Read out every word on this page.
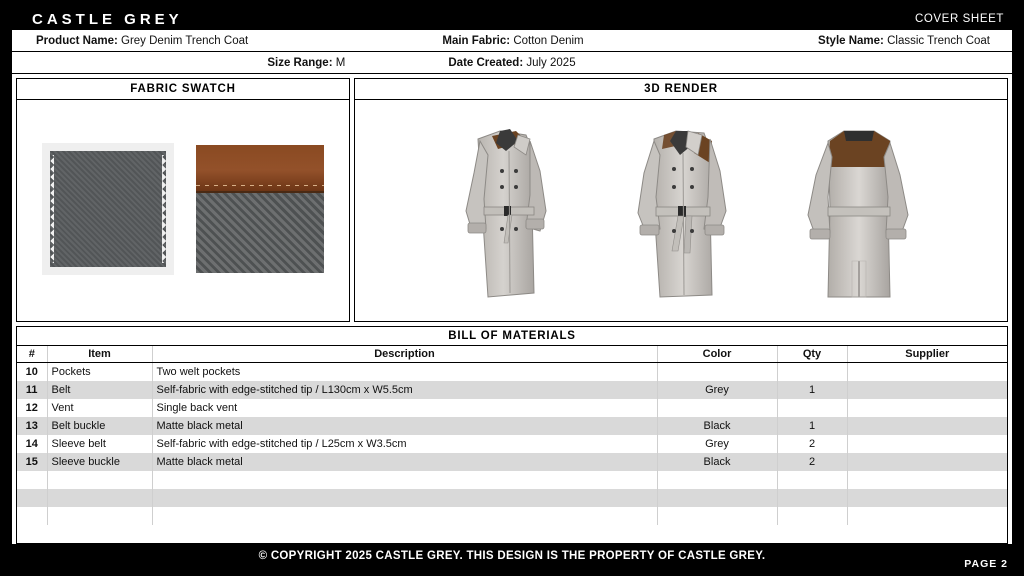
CASTLE GREY	COVER SHEET
Product Name: Grey Denim Trench Coat	Main Fabric: Cotton Denim	Style Name: Classic Trench Coat
Size Range: M	Date Created: July 2025
FABRIC SWATCH	3D RENDER
BILL OF MATERIALS
#	Item	Description	Color	Qty	Supplier
10	Pockets	Two welt pockets			
11	Belt	Self-fabric with edge-stitched tip / L130cm x W5.5cm	Grey	1	
12	Vent	Single back vent			
13	Belt buckle	Matte black metal	Black	1	
14	Sleeve belt	Self-fabric with edge-stitched tip / L25cm x W3.5cm	Grey	2	
15	Sleeve buckle	Matte black metal	Black	2	

© COPYRIGHT 2025 CASTLE GREY. THIS DESIGN IS THE PROPERTY OF CASTLE GREY.
PAGE 2
